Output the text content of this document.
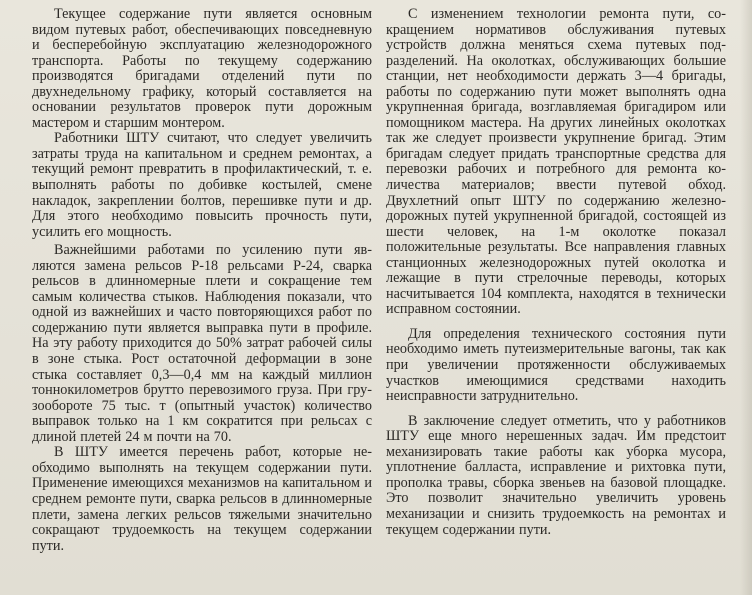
Текущее содержание пути является основным видом путевых работ, обеспечивающих повседневную и бесперебойную эксплуатацию железнодорожного транспорта. Работы по текущему содержанию производятся бригадами отделений пути по двухнедельному графику, который составляется на основании результатов проверок пути дорожным мастером и старшим монтером.

Работники ШТУ считают, что следует увеличить затраты труда на капитальном и среднем ремонтах, а текущий ремонт превратить в профилактический, т. е. выполнять работы по добивке костылей, смене накладок, закреплении болтов, перешивке пути и др. Для этого необходимо повысить прочность пути, усилить его мощность.

Важнейшими работами по усилению пути являются замена рельсов Р-18 рельсами Р-24, сварка рельсов в длинномерные плети и сокращение тем самым количества стыков. Наблюдения показали, что одной из важнейших и часто повторяющихся работ по содержанию пути является выправка пути в профиле. На эту работу приходится до 50% затрат рабочей силы в зоне стыка. Рост остаточной деформации в зоне стыка составляет 0,3—0,4 мм на каждый миллион тоннокилометров брутто перевозимого груза. При грузообороте 75 тыс. т (опытный участок) количество выправок только на 1 км сократится при рельсах с длиной плетей 24 м почти на 70.

В ШТУ имеется перечень работ, которые необходимо выполнять на текущем содержании пути. Применение имеющихся механизмов на капитальном и среднем ремонте пути, сварка рельсов в длинномерные плети, замена легких рельсов тяжелыми значительно сокращают трудоемкость на текущем содержании пути.

С изменением технологии ремонта пути, сокращением нормативов обслуживания путевых устройств должна меняться схема путевых подразделений. На околотках, обслуживающих большие станции, нет необходимости держать 3—4 бригады, работы по содержанию пути может выполнять одна укрупненная бригада, возглавляемая бригадиром или помощником мастера. На других линейных околотках так же следует произвести укрупнение бригад. Этим бригадам следует придать транспортные средства для перевозки рабочих и потребного для ремонта количества материалов; ввести путевой обход. Двухлетний опыт ШТУ по содержанию железнодорожных путей укрупненной бригадой, состоящей из шести человек, на 1-м околотке показал положительные результаты. Все направления главных станционных железнодорожных путей околотка и лежащие в пути стрелочные переводы, которых насчитывается 104 комплекта, находятся в технически исправном состоянии.

Для определения технического состояния пути необходимо иметь путеизмерительные вагоны, так как при увеличении протяженности обслуживаемых участков имеющимися средствами находить неисправности затруднительно.

В заключение следует отметить, что у работников ШТУ еще много нерешенных задач. Им предстоит механизировать такие работы как уборка мусора, уплотнение балласта, исправление и рихтовка пути, прополка травы, сборка звеньев на базовой площадке. Это позволит значительно увеличить уровень механизации и снизить трудоемкость на ремонтах и текущем содержании пути.
